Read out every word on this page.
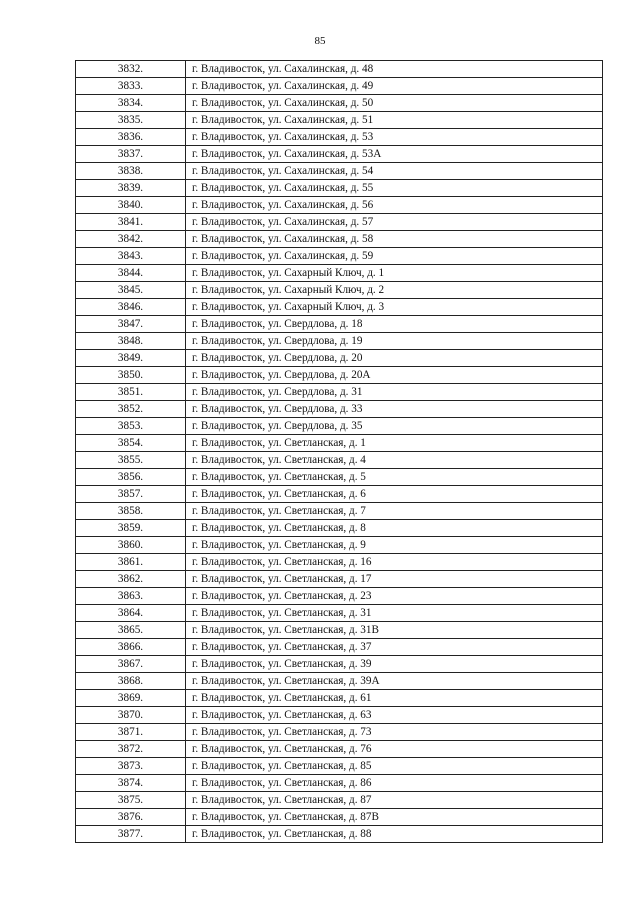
85
3832.	г. Владивосток, ул. Сахалинская, д. 48
3833.	г. Владивосток, ул. Сахалинская, д. 49
3834.	г. Владивосток, ул. Сахалинская, д. 50
3835.	г. Владивосток, ул. Сахалинская, д. 51
3836.	г. Владивосток, ул. Сахалинская, д. 53
3837.	г. Владивосток, ул. Сахалинская, д. 53А
3838.	г. Владивосток, ул. Сахалинская, д. 54
3839.	г. Владивосток, ул. Сахалинская, д. 55
3840.	г. Владивосток, ул. Сахалинская, д. 56
3841.	г. Владивосток, ул. Сахалинская, д. 57
3842.	г. Владивосток, ул. Сахалинская, д. 58
3843.	г. Владивосток, ул. Сахалинская, д. 59
3844.	г. Владивосток, ул. Сахарный Ключ, д. 1
3845.	г. Владивосток, ул. Сахарный Ключ, д. 2
3846.	г. Владивосток, ул. Сахарный Ключ, д. 3
3847.	г. Владивосток, ул. Свердлова, д. 18
3848.	г. Владивосток, ул. Свердлова, д. 19
3849.	г. Владивосток, ул. Свердлова, д. 20
3850.	г. Владивосток, ул. Свердлова, д. 20А
3851.	г. Владивосток, ул. Свердлова, д. 31
3852.	г. Владивосток, ул. Свердлова, д. 33
3853.	г. Владивосток, ул. Свердлова, д. 35
3854.	г. Владивосток, ул. Светланская, д. 1
3855.	г. Владивосток, ул. Светланская, д. 4
3856.	г. Владивосток, ул. Светланская, д. 5
3857.	г. Владивосток, ул. Светланская, д. 6
3858.	г. Владивосток, ул. Светланская, д. 7
3859.	г. Владивосток, ул. Светланская, д. 8
3860.	г. Владивосток, ул. Светланская, д. 9
3861.	г. Владивосток, ул. Светланская, д. 16
3862.	г. Владивосток, ул. Светланская, д. 17
3863.	г. Владивосток, ул. Светланская, д. 23
3864.	г. Владивосток, ул. Светланская, д. 31
3865.	г. Владивосток, ул. Светланская, д. 31В
3866.	г. Владивосток, ул. Светланская, д. 37
3867.	г. Владивосток, ул. Светланская, д. 39
3868.	г. Владивосток, ул. Светланская, д. 39А
3869.	г. Владивосток, ул. Светланская, д. 61
3870.	г. Владивосток, ул. Светланская, д. 63
3871.	г. Владивосток, ул. Светланская, д. 73
3872.	г. Владивосток, ул. Светланская, д. 76
3873.	г. Владивосток, ул. Светланская, д. 85
3874.	г. Владивосток, ул. Светланская, д. 86
3875.	г. Владивосток, ул. Светланская, д. 87
3876.	г. Владивосток, ул. Светланская, д. 87В
3877.	г. Владивосток, ул. Светланская, д. 88
